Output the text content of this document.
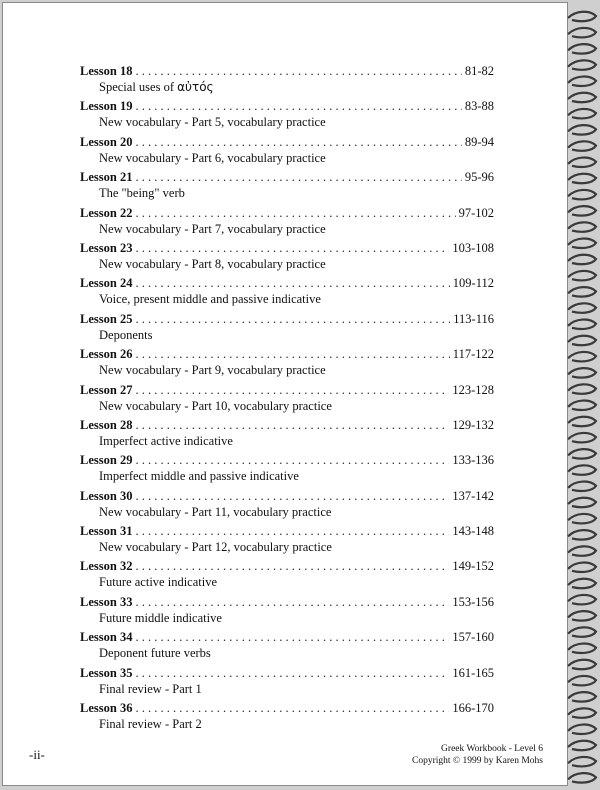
Lesson 18 . . .	81-82
Special uses of αὐτός
Lesson 19 . . .	83-88
New vocabulary - Part 5, vocabulary practice
Lesson 20 . . .	89-94
New vocabulary - Part 6, vocabulary practice
Lesson 21 . . .	95-96
The "being" verb
Lesson 22 . . .	97-102
New vocabulary - Part 7, vocabulary practice
Lesson 23 . . .	103-108
New vocabulary - Part 8, vocabulary practice
Lesson 24 . . .	109-112
Voice, present middle and passive indicative
Lesson 25 . . .	113-116
Deponents
Lesson 26 . . .	117-122
New vocabulary - Part 9, vocabulary practice
Lesson 27 . . .	123-128
New vocabulary - Part 10, vocabulary practice
Lesson 28 . . .	129-132
Imperfect active indicative
Lesson 29 . . .	133-136
Imperfect middle and passive indicative
Lesson 30 . . .	137-142
New vocabulary - Part 11, vocabulary practice
Lesson 31 . . .	143-148
New vocabulary - Part 12, vocabulary practice
Lesson 32 . . .	149-152
Future active indicative
Lesson 33 . . .	153-156
Future middle indicative
Lesson 34 . . .	157-160
Deponent future verbs
Lesson 35 . . .	161-165
Final review - Part 1
Lesson 36 . . .	166-170
Final review - Part 2
-ii-	Greek Workbook - Level 6
Copyright © 1999 by Karen Mohs
